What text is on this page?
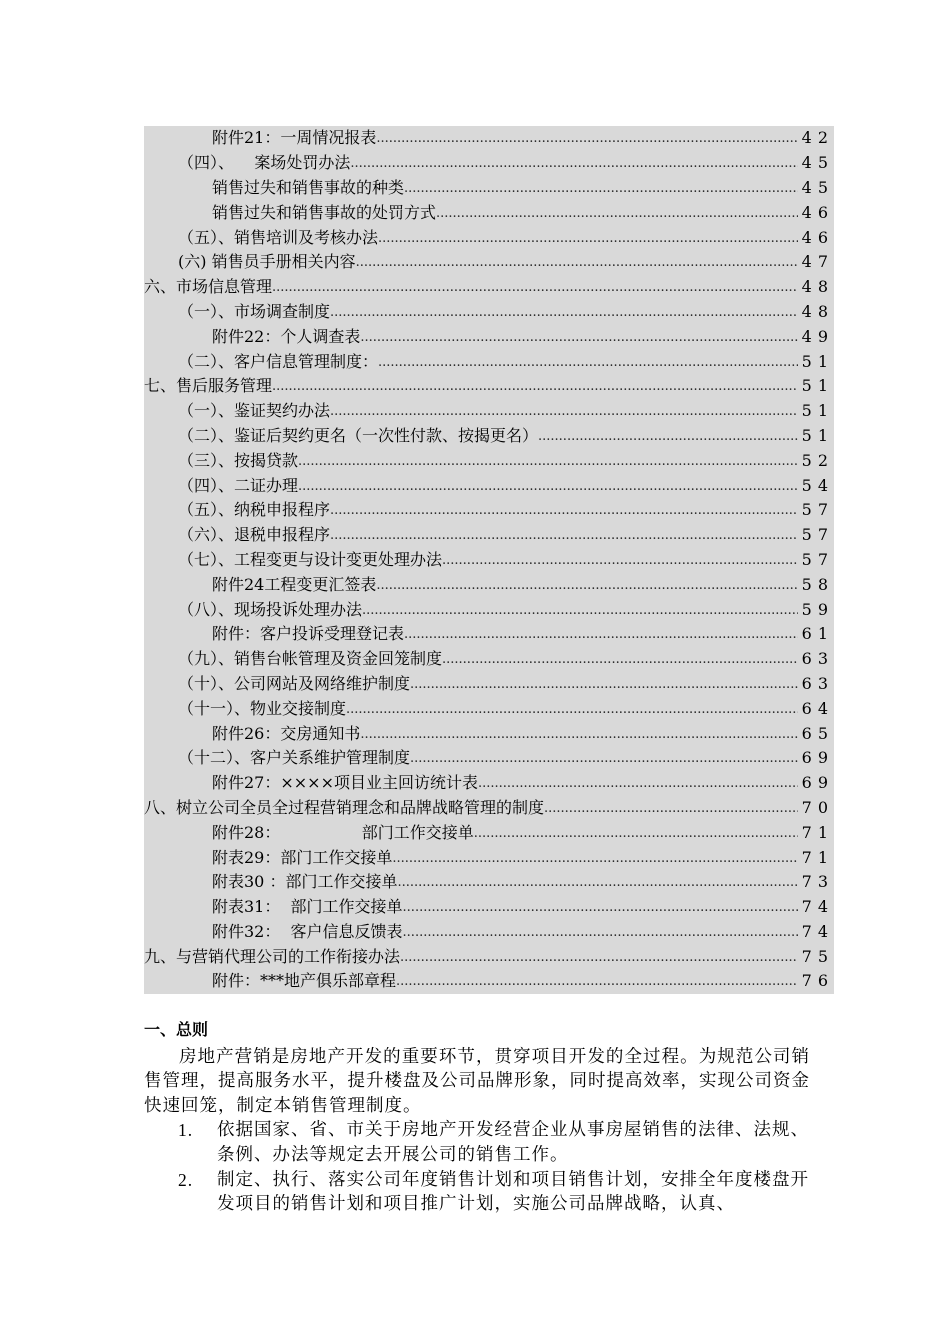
附件21：一周情况报表 .....	42
（四）、    案场处罚办法 .....	45
销售过失和销售事故的种类 .....	45
销售过失和销售事故的处罚方式 .....	46
（五）、销售培训及考核办法 .....	46
(六) 销售员手册相关内容 .....	47
六、市场信息管理 .....	48
（一）、市场调查制度 .....	48
附件22：个人调查表 .....	49
（二）、客户信息管理制度： .....	51
七、售后服务管理 .....	51
（一）、鉴证契约办法 .....	51
（二）、鉴证后契约更名（一次性付款、按揭更名） .....	51
（三）、按揭贷款 .....	52
（四）、二证办理 .....	54
（五）、纳税申报程序 .....	57
（六）、退税申报程序 .....	57
（七）、工程变更与设计变更处理办法 .....	57
附件24工程变更汇签表 .....	58
（八）、现场投诉处理办法 .....	59
附件：客户投诉受理登记表 .....	61
（九）、销售台帐管理及资金回笼制度 .....	63
（十）、公司网站及网络维护制度 .....	63
（十一）、物业交接制度 .....	64
附件26：交房通知书 .....	65
（十二）、客户关系维护管理制度 .....	69
附件27：××××项目业主回访统计表 .....	69
八、树立公司全员全过程营销理念和品牌战略管理的制度 .....	70
附件28：                部门工作交接单 .....	71
附表29：部门工作交接单 .....	71
附表30 ：部门工作交接单 .....	73
附表31：  部门工作交接单 .....	74
附件32：  客户信息反馈表 .....	74
九、与营销代理公司的工作衔接办法 .....	75
附件：***地产俱乐部章程 .....	76
一、总则

房地产营销是房地产开发的重要环节，贯穿项目开发的全过程。为规范公司销售管理，提高服务水平，提升楼盘及公司品牌形象，同时提高效率，实现公司资金快速回笼，制定本销售管理制度。

1. 依据国家、省、市关于房地产开发经营企业从事房屋销售的法律、法规、条例、办法等规定去开展公司的销售工作。
2. 制定、执行、落实公司年度销售计划和项目销售计划，安排全年度楼盘开发项目的销售计划和项目推广计划，实施公司品牌战略，认真、
